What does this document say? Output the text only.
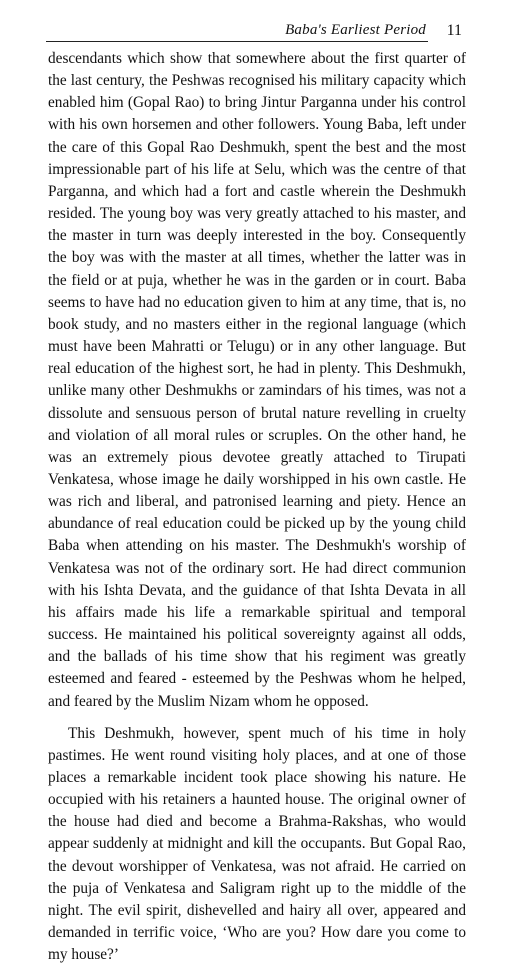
Baba's Earliest Period 11

descendants which show that somewhere about the first quarter of the last century, the Peshwas recognised his military capacity which enabled him (Gopal Rao) to bring Jintur Parganna under his control with his own horsemen and other followers. Young Baba, left under the care of this Gopal Rao Deshmukh, spent the best and the most impressionable part of his life at Selu, which was the centre of that Parganna, and which had a fort and castle wherein the Deshmukh resided. The young boy was very greatly attached to his master, and the master in turn was deeply interested in the boy. Consequently the boy was with the master at all times, whether the latter was in the field or at puja, whether he was in the garden or in court. Baba seems to have had no education given to him at any time, that is, no book study, and no masters either in the regional language (which must have been Mahratti or Telugu) or in any other language. But real education of the highest sort, he had in plenty. This Deshmukh, unlike many other Deshmukhs or zamindars of his times, was not a dissolute and sensuous person of brutal nature revelling in cruelty and violation of all moral rules or scruples. On the other hand, he was an extremely pious devotee greatly attached to Tirupati Venkatesa, whose image he daily worshipped in his own castle. He was rich and liberal, and patronised learning and piety. Hence an abundance of real education could be picked up by the young child Baba when attending on his master. The Deshmukh's worship of Venkatesa was not of the ordinary sort. He had direct communion with his Ishta Devata, and the guidance of that Ishta Devata in all his affairs made his life a remarkable spiritual and temporal success. He maintained his political sovereignty against all odds, and the ballads of his time show that his regiment was greatly esteemed and feared - esteemed by the Peshwas whom he helped, and feared by the Muslim Nizam whom he opposed.

This Deshmukh, however, spent much of his time in holy pastimes. He went round visiting holy places, and at one of those places a remarkable incident took place showing his nature. He occupied with his retainers a haunted house. The original owner of the house had died and become a Brahma-Rakshas, who would appear suddenly at midnight and kill the occupants. But Gopal Rao, the devout worshipper of Venkatesa, was not afraid. He carried on the puja of Venkatesa and Saligram right up to the middle of the night. The evil spirit, dishevelled and hairy all over, appeared and demanded in terrific voice, ‘Who are you? How dare you come to my house?’
